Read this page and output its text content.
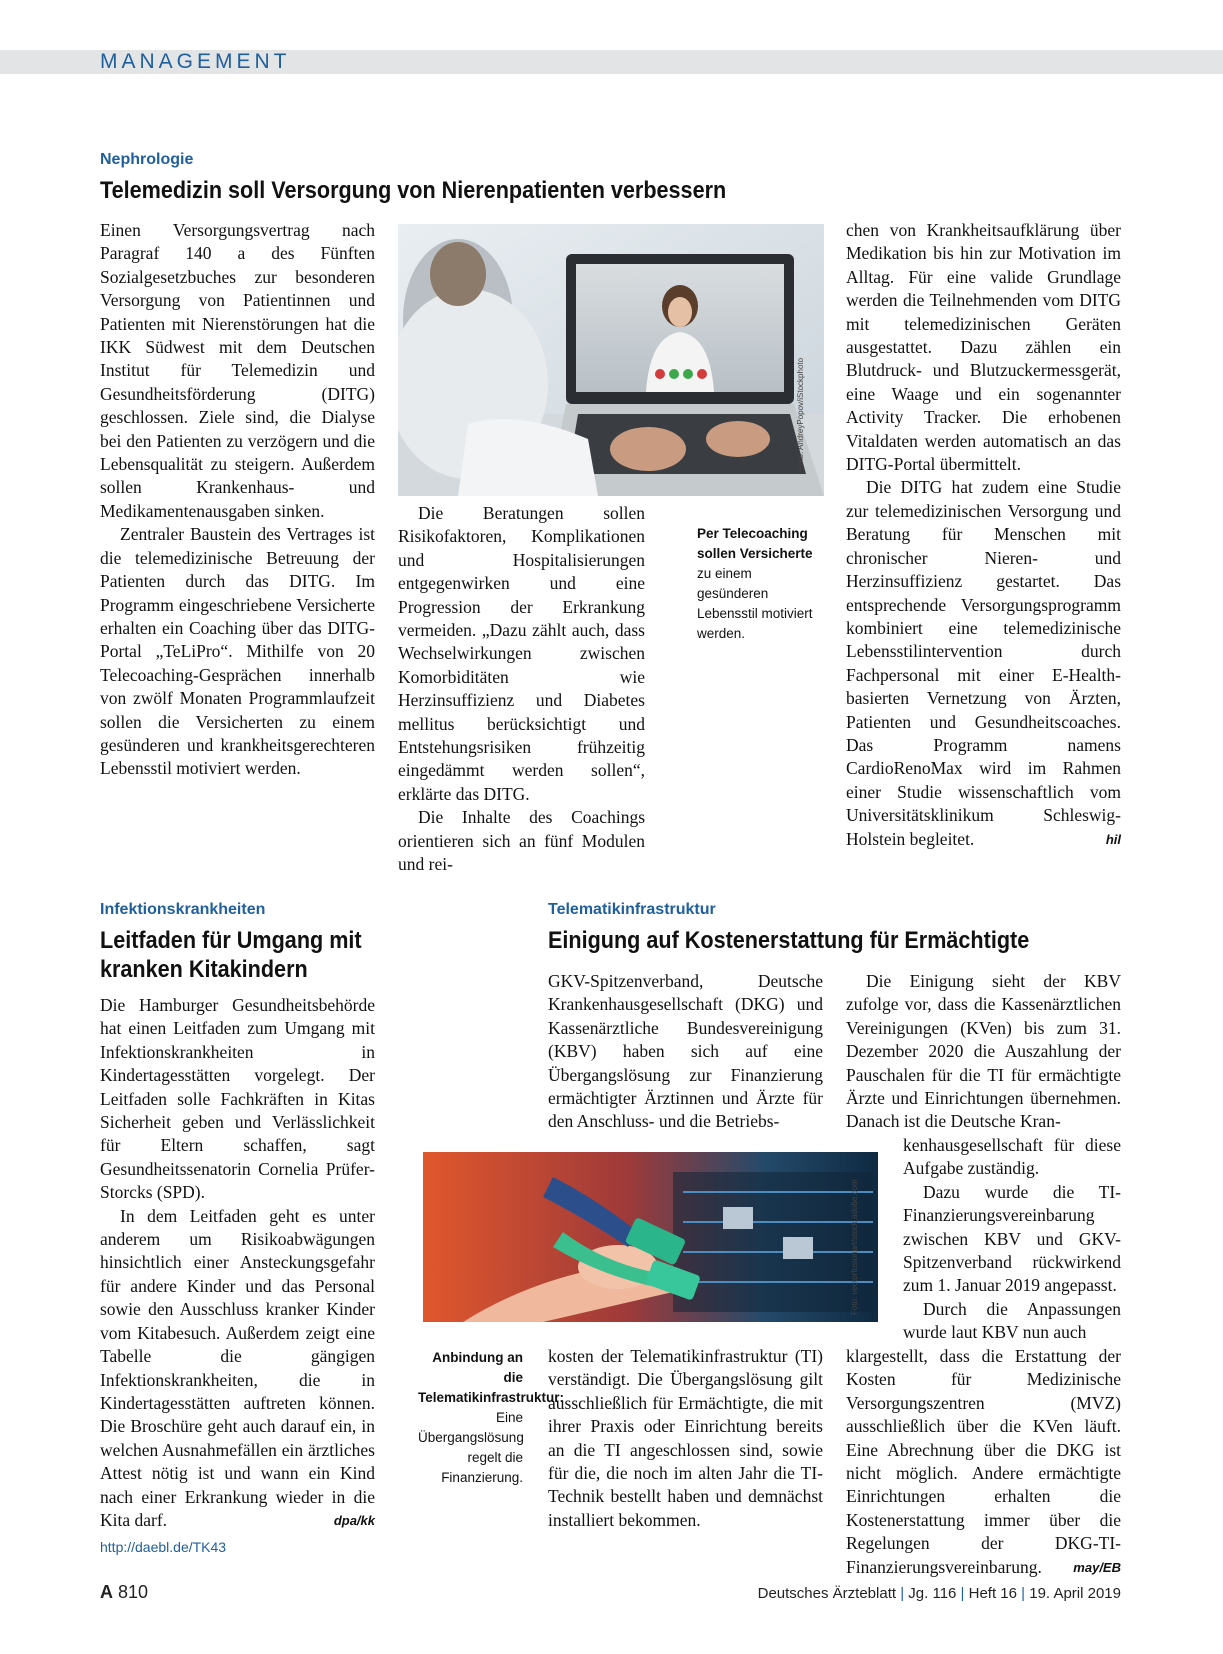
MANAGEMENT
Nephrologie
Telemedizin soll Versorgung von Nierenpatienten verbessern

Einen Versorgungsvertrag nach Paragraf 140 a des Fünften Sozialgesetzbuches zur besonderen Versorgung von Patientinnen und Patienten mit Nierenstörungen hat die IKK Südwest mit dem Deutschen Institut für Telemedizin und Gesundheitsförderung (DITG) geschlossen. Ziele sind, die Dialyse bei den Patienten zu verzögern und die Lebensqualität zu steigern. Außerdem sollen Krankenhaus- und Medikamentenausgaben sinken.

Zentraler Baustein des Vertrages ist die telemedizinische Betreuung der Patienten durch das DITG. Im Programm eingeschriebene Versicherte erhalten ein Coaching über das DITG-Portal „TeLiPro“. Mithilfe von 20 Telecoaching-Gesprächen innerhalb von zwölf Monaten Programmlaufzeit sollen die Versicherten zu einem gesünderen und krankheitsgerechteren Lebensstil motiviert werden.

Foto: AndreyPopov/iStockphoto

Die Beratungen sollen Risikofaktoren, Komplikationen und Hospitalisierungen entgegenwirken und eine Progression der Erkrankung vermeiden. „Dazu zählt auch, dass Wechselwirkungen zwischen Komorbiditäten wie Herzinsuffizienz und Diabetes mellitus berücksichtigt und Entstehungsrisiken frühzeitig eingedämmt werden sollen“, erklärte das DITG.

Die Inhalte des Coachings orientieren sich an fünf Modulen und rei-

Per Telecoaching sollen Versicherte zu einem gesünderen Lebensstil motiviert werden.

chen von Krankheitsaufklärung über Medikation bis hin zur Motivation im Alltag. Für eine valide Grundlage werden die Teilnehmenden vom DITG mit telemedizinischen Geräten ausgestattet. Dazu zählen ein Blutdruck- und Blutzuckermessgerät, eine Waage und ein sogenannter Activity Tracker. Die erhobenen Vitaldaten werden automatisch an das DITG-Portal übermittelt.

Die DITG hat zudem eine Studie zur telemedizinischen Versorgung und Beratung für Menschen mit chronischer Nieren- und Herzinsuffizienz gestartet. Das entsprechende Versorgungsprogramm kombiniert eine telemedizinische Lebensstilintervention durch Fachpersonal mit einer E-Health-basierten Vernetzung von Ärzten, Patienten und Gesundheitscoaches. Das Programm namens CardioRenoMax wird im Rahmen einer Studie wissenschaftlich vom Universitätsklinikum Schleswig-Holstein begleitet.	hil

Infektionskrankheiten
Leitfaden für Umgang mit
kranken Kitakindern

Die Hamburger Gesundheitsbehörde hat einen Leitfaden zum Umgang mit Infektionskrankheiten in Kindertagesstätten vorgelegt. Der Leitfaden solle Fachkräften in Kitas Sicherheit geben und Verlässlichkeit für Eltern schaffen, sagt Gesundheitssenatorin Cornelia Prüfer-Storcks (SPD).

In dem Leitfaden geht es unter anderem um Risikoabwägungen hinsichtlich einer Ansteckungsgefahr für andere Kinder und das Personal sowie den Ausschluss kranker Kinder vom Kitabesuch. Außerdem zeigt eine Tabelle die gängigen Infektionskrankheiten, die in Kindertagesstätten auftreten können. Die Broschüre geht auch darauf ein, in welchen Ausnahmefällen ein ärztliches Attest nötig ist und wann ein Kind nach einer Erkrankung wieder in die Kita darf.	dpa/kk

http://daebl.de/TK43
Telematikinfrastruktur
Einigung auf Kostenerstattung für Ermächtigte

GKV-Spitzenverband, Deutsche Krankenhausgesellschaft (DKG) und Kassenärztliche Bundesvereinigung (KBV) haben sich auf eine Übergangslösung zur Finanzierung ermächtigter Ärztinnen und Ärzte für den Anschluss- und die Betriebs-

Die Einigung sieht der KBV zufolge vor, dass die Kassenärztlichen Vereinigungen (KVen) bis zum 31. Dezember 2020 die Auszahlung der Pauschalen für die TI für ermächtigte Ärzte und Einrichtungen übernehmen. Danach ist die Deutsche Kran-

Foto: vectorfusionart/stock.adobe.com
Anbindung an die Telematikinfrastruktur: Eine Übergangslösung regelt die Finanzierung.

kosten der Telematikinfrastruktur (TI) verständigt. Die Übergangslösung gilt ausschließlich für Ermächtigte, die mit ihrer Praxis oder Einrichtung bereits an die TI angeschlossen sind, sowie für die, die noch im alten Jahr die TI-Technik bestellt haben und demnächst installiert bekommen.

kenhausgesellschaft für diese Aufgabe zuständig.

Dazu wurde die TI-Finanzierungsvereinbarung zwischen KBV und GKV-Spitzenverband rückwirkend zum 1. Januar 2019 angepasst.

Durch die Anpassungen wurde laut KBV nun auch

klargestellt, dass die Erstattung der Kosten für Medizinische Versorgungszentren (MVZ) ausschließlich über die KVen läuft. Eine Abrechnung über die DKG ist nicht möglich. Andere ermächtigte Einrichtungen erhalten die Kostenerstattung immer über die Regelungen der DKG-TI-Finanzierungsvereinbarung. may/EB

A 810	Deutsches Ärzteblatt | Jg. 116 | Heft 16 | 19. April 2019
